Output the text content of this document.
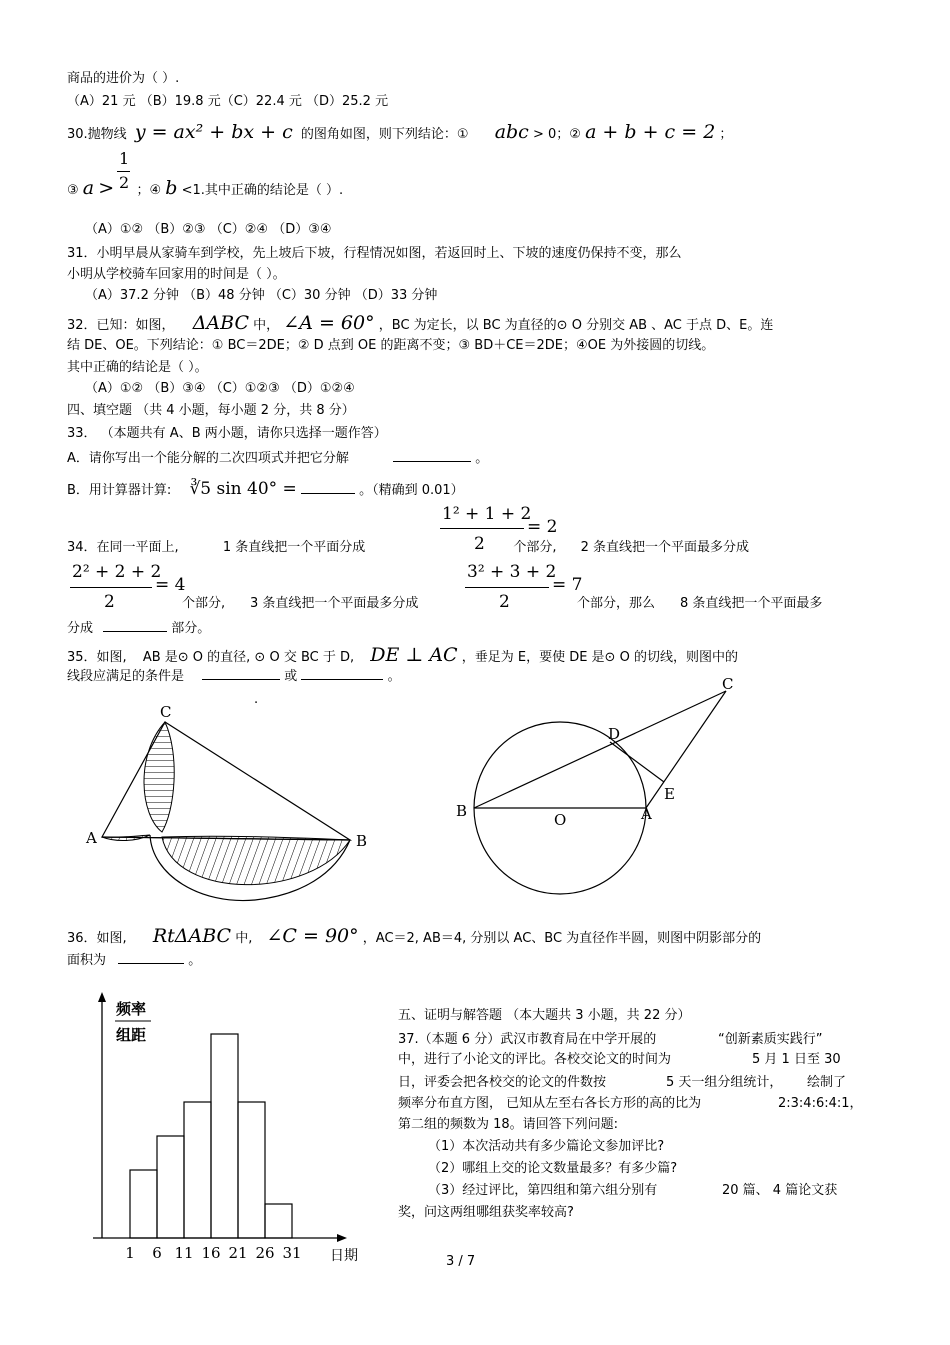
商品的进价为（ ）.
（A）21 元 （B）19.8 元（C）22.4 元 （D）25.2 元
30.抛物线 y = ax² + bx + c 的图角如图，则下列结论：① abc > 0；② a + b + c = 2 ；
③ a > ；④ b <1.其中正确的结论是（ ）.
1
2
（A）①② （B）②③ （C）②④ （D）③④
31．小明早晨从家骑车到学校，先上坡后下坡，行程情况如图，若返回时上、下坡的速度仍保持不变，那么
小明从学校骑车回家用的时间是（ ）。
（A）37.2 分钟 （B）48 分钟 （C）30 分钟 （D）33 分钟
32．已知：如图， ΔABC 中， ∠A = 60° ，BC 为定长，以 BC 为直径的⊙ O 分别交 AB 、AC 于点 D、E。连
结 DE、OE。下列结论：① BC＝2DE；② D 点到 OE 的距离不变；③ BD＋CE＝2DE；④OE 为外接圆的切线。
其中正确的结论是（ ）。
（A）①② （B）③④ （C）①②③ （D）①②④
四、填空题 （共 4 小题，每小题 2 分，共 8 分）
33． （本题共有 A、B 两小题，请你只选择一题作答）
A．请你写出一个能分解的二次四项式并把它分解	。
B．用计算器计算: ∛5 sin 40° =	。（精确到 0.01）
1² + 1 + 2
= 2
2
34．在同一平面上,	1 条直线把一个平面分成	个部分, 2 条直线把一个平面最多分成
2² + 2 + 2
= 4
2
3² + 3 + 2
= 7
2
个部分, 3 条直线把一个平面最多分成	个部分，那么 8 条直线把一个平面最多
分成	部分。
35．如图, AB 是⊙ O 的直径, ⊙ O 交 BC 于 D, DE ⊥ AC ，垂足为 E，要使 DE 是⊙ O 的切线，则图中的
线段应满足的条件是	或	。
.
C
A	B
C
D
E
B	O	A
36．如图, RtΔABC 中, ∠C = 90° ，AC＝2, AB＝4, 分别以 AC、BC 为直径作半圆，则图中阴影部分的
面积为	。
频率
组距
日期
1 6 11 16 21 26 31
五、证明与解答题 （本大题共 3 小题，共 22 分）
37.（本题 6 分）武汉市教育局在中学开展的	“创新素质实践行”
中，进行了小论文的评比。各校交论文的时间为	5 月 1 日至 30
日，评委会把各校交的论文的件数按	5 天一组分组统计， 绘制了
频率分布直方图， 已知从左至右各长方形的高的比为	2:3:4:6:4:1，
第二组的频数为 18。请回答下列问题:
（1）本次活动共有多少篇论文参加评比?
（2）哪组上交的论文数量最多？有多少篇?
（3）经过评比，第四组和第六组分别有	20 篇、 4 篇论文获
奖，问这两组哪组获奖率较高?
3 / 7
